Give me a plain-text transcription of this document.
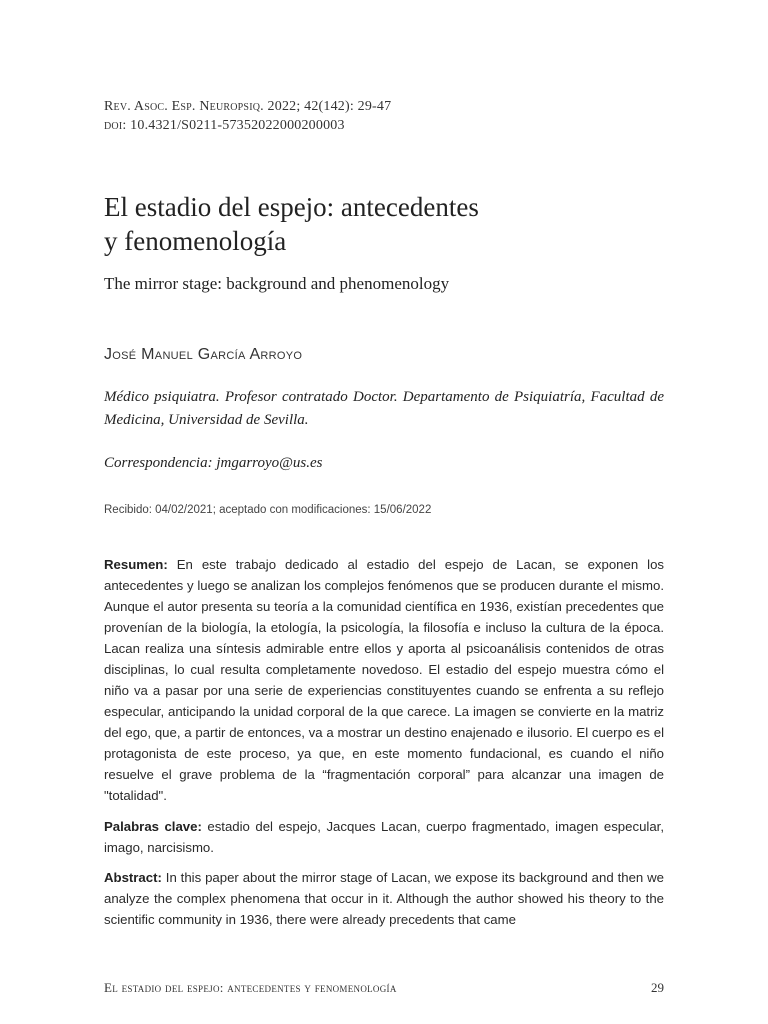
Rev. Asoc. Esp. Neuropsiq. 2022; 42(142): 29-47
doi: 10.4321/S0211-57352022000200003
El estadio del espejo: antecedentes
y fenomenología
The mirror stage: background and phenomenology
José Manuel García Arroyo
Médico psiquiatra. Profesor contratado Doctor. Departamento de Psiquiatría, Facultad de Medicina, Universidad de Sevilla.
Correspondencia: jmgarroyo@us.es
Recibido: 04/02/2021; aceptado con modificaciones: 15/06/2022

Resumen: En este trabajo dedicado al estadio del espejo de Lacan, se exponen los antecedentes y luego se analizan los complejos fenómenos que se producen durante el mismo. Aunque el autor presenta su teoría a la comunidad científica en 1936, existían precedentes que provenían de la biología, la etología, la psicología, la filosofía e incluso la cultura de la época. Lacan realiza una síntesis admirable entre ellos y aporta al psicoanálisis contenidos de otras disciplinas, lo cual resulta completamente novedoso. El estadio del espejo muestra cómo el niño va a pasar por una serie de experiencias constituyentes cuando se enfrenta a su reflejo especular, anticipando la unidad corporal de la que carece. La imagen se convierte en la matriz del ego, que, a partir de entonces, va a mostrar un destino enajenado e ilusorio. El cuerpo es el protagonista de este proceso, ya que, en este momento fundacional, es cuando el niño resuelve el grave problema de la “fragmentación corporal” para alcanzar una imagen de "totalidad".

Palabras clave: estadio del espejo, Jacques Lacan, cuerpo fragmentado, imagen especular, imago, narcisismo.

Abstract: In this paper about the mirror stage of Lacan, we expose its background and then we analyze the complex phenomena that occur in it. Although the author showed his theory to the scientific community in 1936, there were already precedents that came

El estadio del espejo: antecedentes y fenomenología	29
